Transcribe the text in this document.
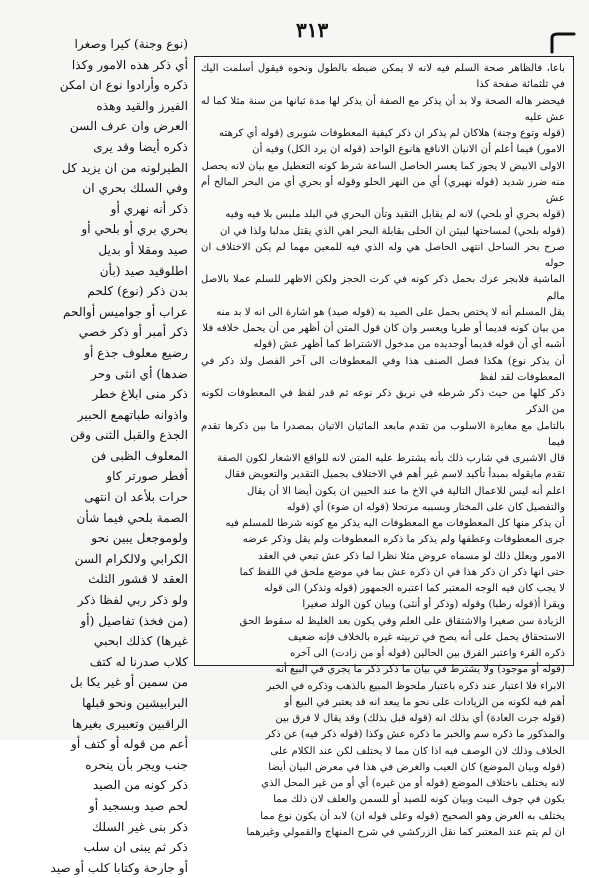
٣١٣

باعا، فالظاهر صحة السلم فيه لانه لا يمكن ضبطه بالطول ونحوه فيقول أسلمت اليك في ثلثمائة صفحة كذا

فيحضر هاله الصحة ولا بد أن يذكر مع الصفة أن يذكر لها مدة ثبانها من سنة مثلا كما له عش عليه

(قوله وتوع وجنة) هلاكان لم يذكر ان ذكر كيفية المعطوفات شوبرى (قوله أي كرهته

الامور) فيما أعلم أن الانيان الانافع هانوع الواحد (قوله ان يرد الكل) وفيه أن

الاولى الابيض لا يجوز كما يعسر الحاصل الساعة شرط كونه التعطيل مع بيان لانه يحصل

منه ضرر شديد (قوله نهيري) أي من النهر الحلو وقوله أو بحري أي من البحر المالح أم عش

(قوله بحري أو بلحي) لانه لم يقابل التقيد وتأن البحري في البلد ملبس بلا فيه وفيه

(قوله بلحي) لمساحتها لبيئن ان الحلى بقابلة البحر اهي الذي يقتل مدلبا ولذا في ان

صرح بحر الساحل انتهى الحاصل هي وله الذي فيه للمعين مهما لم يكن الاختلاف ان حوله

الماشية فلابجر عرك بحمل ذكر كونه في كرت الحجز ولكن الاظهر للسلم عملا بالاصل مالم

يقل المسلم أنه لا يختص بحمل على الصيد به (قوله صيد) هو اشارة الى انه لا بد منه

من بيان كونه قديما أو طريا ويعسر وان كان قول المتن أن أظهر من أن يحمل خلافه فلا

أشبه أي أن قوله قديما أوجديده من مدخول الاشتراط كما أظهر عش (قوله

أن يذكر نوع) هكذا فصل الصنف هذا وفي المعطوفات الى آخر الفصل ولذ ذكر في المعطوفات لقد لفظ

ذكر كلها من حيث ذكر شرطه في نريق ذكر نوعه ثم قدر لفظ في المعطوفات لكونه من الذكر

بالتامل مع مغايرة الاسلوب من تقدم مابعد المائيان الاتيان بمصدرا ما بين ذكرها تقدم فيما

قال الاشبرى في شارب ذلك بأنه يشترط عليه المتن لانه للواقع الاشعار لكون الصفة

تقدم مايقوله بمبدأ تأكيد لاسم غير أهم في الاختلاف بجميل التقدير والتعويض فقال

اعلم أنه ليس للاعمال التالية في الاخ ما عند الحيين ان يكون أيضا الا أن يقال

والتفصيل كان على المختار وبسببه مرتحلا (قوله ان ضوء) أي (قوله

أن يذكر منها كل المعطوفات مع المعطوفات اليه يذكر مع كونه شرطا للمسلم فيه

جرى المعطوفات وعطفها ولم يذكر ما ذكره المعطوفات ولم يقل وذكر عرضه

الامور ويعلل ذلك لو مسماه عروض مثلا نظرا لما ذكر عش تبعي في العقد

حتى انها ذكر ان ذكر هذا في ان ذكره عش بما في موضع ملحق في اللفظ كما

لا يجب كان فيه الوجه المعتبر كما اعتبره الجمهور (قوله وتذكر) الى قوله

ويقرا أ(قوله رطبا) وقوله (وذكر أو أنثى) وبيان كون الولد صغيرا

الزيادة سن صغيرا والاشتقاق على العلم وفي يكون بعد الغليظ له سقوط الحق

الاستحقاق يحمل على أنه يصح في تربيته غيره بالخلاف فإنه ضعيف

ذكره القرء واعتبر الفرق بين الحالين (قوله أو من زادت) الى آخره

(قوله أو موجود) ولا يشترط في بيان ما ذكر ذكر ما يجري في البيع أنه

الابراء فلا اعتبار عند ذكره باعتبار ملحوظ المبيع بالذهب وذكره في الخبر

أهم فيه لكونه من الزيادات على نحو ما يبعد انه قد يعتبر في البيع أو

(قوله جرت العادة) أي بذلك انه (قوله قبل بذلك) وقد يقال لا فرق بين

والمذكور ما ذكره سم والخبر ما ذكره عش وكذا (قوله ذكر فيه) عن ذكر

الخلاف وذلك لان الوصف فيه اذا كان مما لا يختلف لكن عند الكلام على

(قوله وبيان الموضع) كان العيب والغرض في هذا في معرض البيان أيضا

لانه يختلف باختلاف الموضع (قوله أو من غيره) أي أو من غير المحل الذي

يكون في جوف البيت وبيان كونه للصيد أو للسمن والعلف لان ذلك مما

يختلف به الغرض وهو الصحيح (قوله وعلى قوله ان) لابد أن يكون نوع مما

ان لم يتم عند المعتبر كما نقل الزركشي في شرح المنهاج والقمولي وغيرهما

(نوع وجنة) كيرا وصغرا

أي ذكر هذه الامور وكذا

ذكره وأرادوا نوع ان امكن

الفيرز والقيد وهذه

العرض وان عرف السن

ذكره أيضا وقد يرى

الطيرلونه من ان يزيد كل

وفي السلك بحري ان

ذكر أنه نهري أو

بحري بري أو بلحي أو

صيد ومقلا أو بديل

اطلوقيد صيد (بأن

بدن ذكر (نوع) كلحم

عراب أو جواميس أوالحم

ذكر أمبر أو ذكر خصي

رضيع معلوف جذع أو

ضدها) أي انثى وحر

ذكر منى ابلاغ خطر

واذوانه طباتهمع الحبير

الجذع والقبل الثنى وقن

المعلوف الظبى فن

أفطر صورتر كاو

حرات بلأعد ان انتهى

الصمة بلحي فيما شأن

ولوموجعل يبين نحو

الكرابي ولالكرام السن

العقد لا قشور الثلث

ولو ذكر ربي لفظا ذكر

(من فخذ) تفاصيل (أو

غيرها) كذلك ابحبي

كلاب صدرنا له كتف

من سمين أو غير يكا بل

البرابيشين ونحو قبلها

الراقبين وتعبيرى بغيرها

أعم من قوله أو كتف أو

جنب ويجر بأن ينحره

ذكر كونه من الصيد

لحم صيد وبسجيد أو

ذكر بنى غير السلك

ذكر ثم يبنى ان سلب

أو جارحة وكتابا كلب أو صيد
